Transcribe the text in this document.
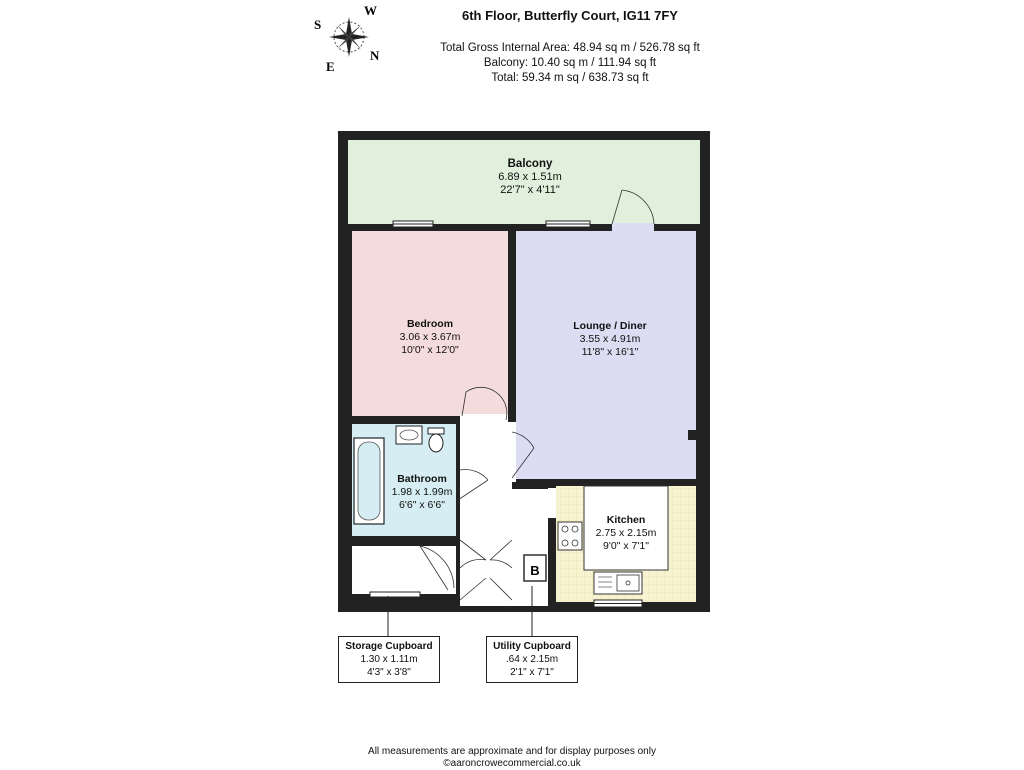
6th Floor, Butterfly Court, IG11 7FY
Total Gross Internal Area: 48.94 sq m / 526.78 sq ft
Balcony: 10.40 sq m / 111.94 sq ft
Total: 59.34 m sq / 638.73 sq ft
W
S
N
E
B
Balcony
6.89 x 1.51m
22'7" x 4'11"
Bedroom
3.06 x 3.67m
10'0" x 12'0"
Lounge / Diner
3.55 x 4.91m
11'8" x 16'1"
Bathroom
1.98 x 1.99m
6'6" x 6'6"
Kitchen
2.75 x 2.15m
9'0" x 7'1"
Storage Cupboard
1.30 x 1.11m
4'3" x 3'8"
Utility Cupboard
.64 x 2.15m
2'1" x 7'1"
All measurements are approximate and for display purposes only
©aaroncrowecommercial.co.uk
